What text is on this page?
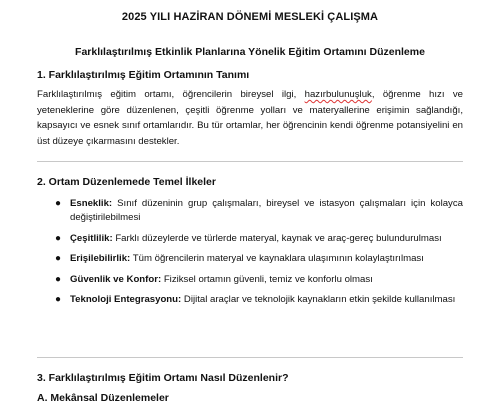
2025 YILI HAZİRAN DÖNEMİ MESLEKİ ÇALIŞMA
Farklılaştırılmış Etkinlik Planlarına Yönelik Eğitim Ortamını Düzenleme
1. Farklılaştırılmış Eğitim Ortamının Tanımı
Farklılaştırılmış eğitim ortamı, öğrencilerin bireysel ilgi, hazırbulunuşluk, öğrenme hızı ve yeteneklerine göre düzenlenen, çeşitli öğrenme yolları ve materyallerine erişimin sağlandığı, kapsayıcı ve esnek sınıf ortamlarıdır. Bu tür ortamlar, her öğrencinin kendi öğrenme potansiyelini en üst düzeye çıkarmasını destekler.
2. Ortam Düzenlemede Temel İlkeler
● Esneklik: Sınıf düzeninin grup çalışmaları, bireysel ve istasyon çalışmaları için kolayca değiştirilebilmesi
● Çeşitlilik: Farklı düzeylerde ve türlerde materyal, kaynak ve araç-gereç bulundurulması
● Erişilebilirlik: Tüm öğrencilerin materyal ve kaynaklara ulaşımının kolaylaştırılması
● Güvenlik ve Konfor: Fiziksel ortamın güvenli, temiz ve konforlu olması
● Teknoloji Entegrasyonu: Dijital araçlar ve teknolojik kaynakların etkin şekilde kullanılması
3. Farklılaştırılmış Eğitim Ortamı Nasıl Düzenlenir?
A. Mekânsal Düzenlemeler
